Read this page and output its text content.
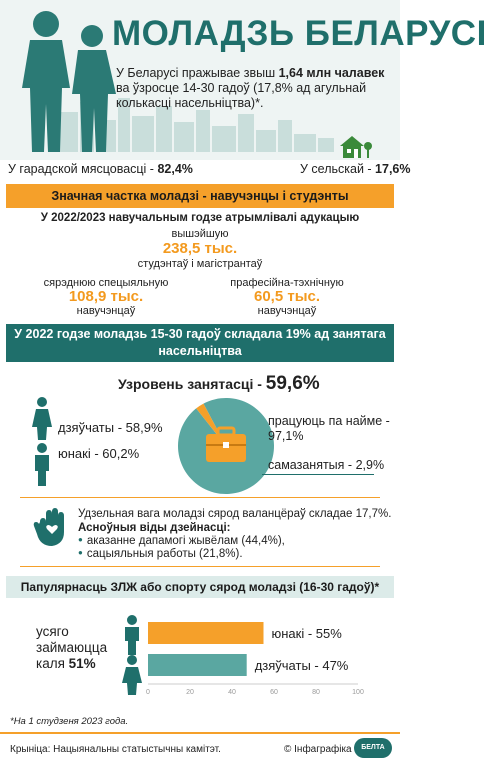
МОЛАДЗЬ БЕЛАРУСІ
У Беларусі пражывае звыш 1,64 млн чалавек ва ўзросце 14-30 гадоў (17,8% ад агульнай колькасці насельніцтва)*.
У гарадской мясцовасці - 82,4%	У сельскай - 17,6%
Значная частка моладзі - навучэнцы і студэнты
У 2022/2023 навучальным годзе атрымлівалі адукацыю
вышэйшую
238,5 тыс.
студэнтаў і магістрантаў
сярэднюю спецыяльную
108,9 тыс.
навучэнцаў
прафесійна-тэхнічную
60,5 тыс.
навучэнцаў
У 2022 годзе моладзь 15-30 гадоў складала 19% ад занятага насельніцтва
Узровень занятасці - 59,6%
дзяўчаты - 58,9%
юнакі - 60,2%
працуюць па найме - 97,1%
самазанятыя - 2,9%
Удзельная вага моладзі сярод валанцёраў складае 17,7%.
Асноўныя віды дзейнасці:
● аказанне дапамогі жывёлам (44,4%),
● сацыяльныя работы (21,8%).
Папулярнасць ЗЛЖ або спорту сярод моладзі (16-30 гадоў)*
усяго
займаюцца
каля 51%
юнакі - 55%
дзяўчаты - 47%
0	20	40	60	80	100
*На 1 студзеня 2023 года.
Крыніца: Нацыянальны статыстычны камітэт.	© Інфаграфіка	БЕЛТА
